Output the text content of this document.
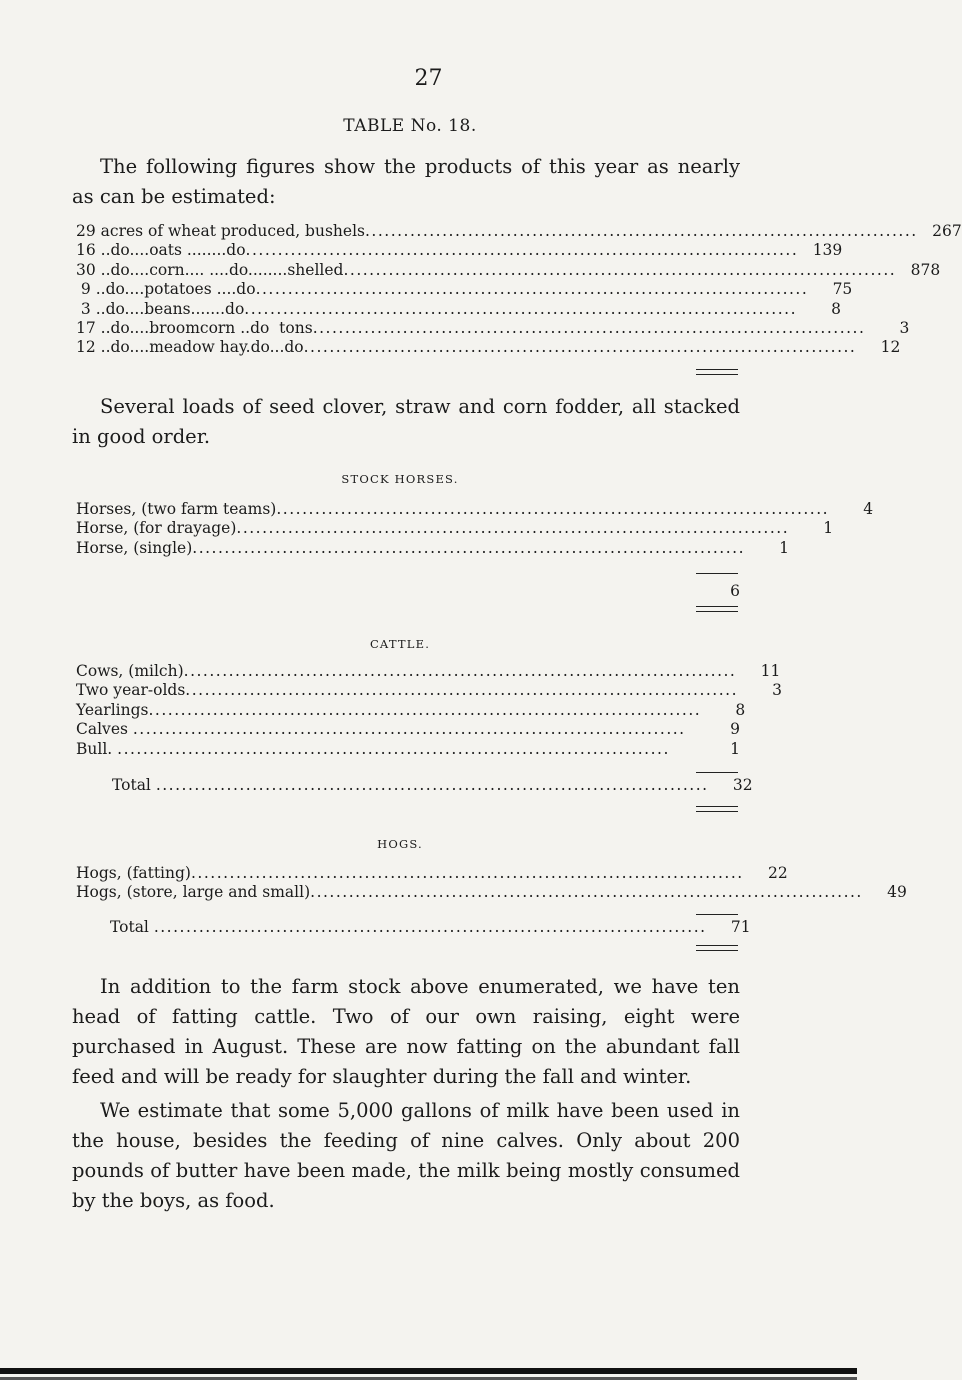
27
TABLE No. 18.

The following figures show the products of this year as nearly as can be estimated:

29 acres of wheat produced, bushels ...................................................................................... 267
16 ..do....oats ........do ...................................................................................... 139
30 ..do....corn.... ....do........shelled ...................................................................................... 878
9 ..do....potatoes ....do ......................................................................................	75
3 ..do....beans.......do ......................................................................................	8
17 ..do....broomcorn ..do  tons ......................................................................................	3
12 ..do....meadow hay.do...do ......................................................................................	12

Several loads of seed clover, straw and corn fodder, all stacked in good order.

STOCK HORSES.
Horses, (two farm teams) ......................................................................................	4
Horse, (for drayage) ......................................................................................	1
Horse, (single) ......................................................................................	1
6
CATTLE.
Cows, (milch) ......................................................................................	11
Two year-olds ......................................................................................	3
Yearlings ......................................................................................	8
Calves ......................................................................................	9
Bull. ......................................................................................	1
Total ......................................................................................	32
HOGS.
Hogs, (fatting) ......................................................................................	22
Hogs, (store, large and small) ......................................................................................	49
Total ......................................................................................	71

In addition to the farm stock above enumerated, we have ten head of fatting cattle. Two of our own raising, eight were purchased in August. These are now fatting on the abundant fall feed and will be ready for slaughter during the fall and winter.

We estimate that some 5,000 gallons of milk have been used in the house, besides the feeding of nine calves. Only about 200 pounds of butter have been made, the milk being mostly consumed by the boys, as food.
